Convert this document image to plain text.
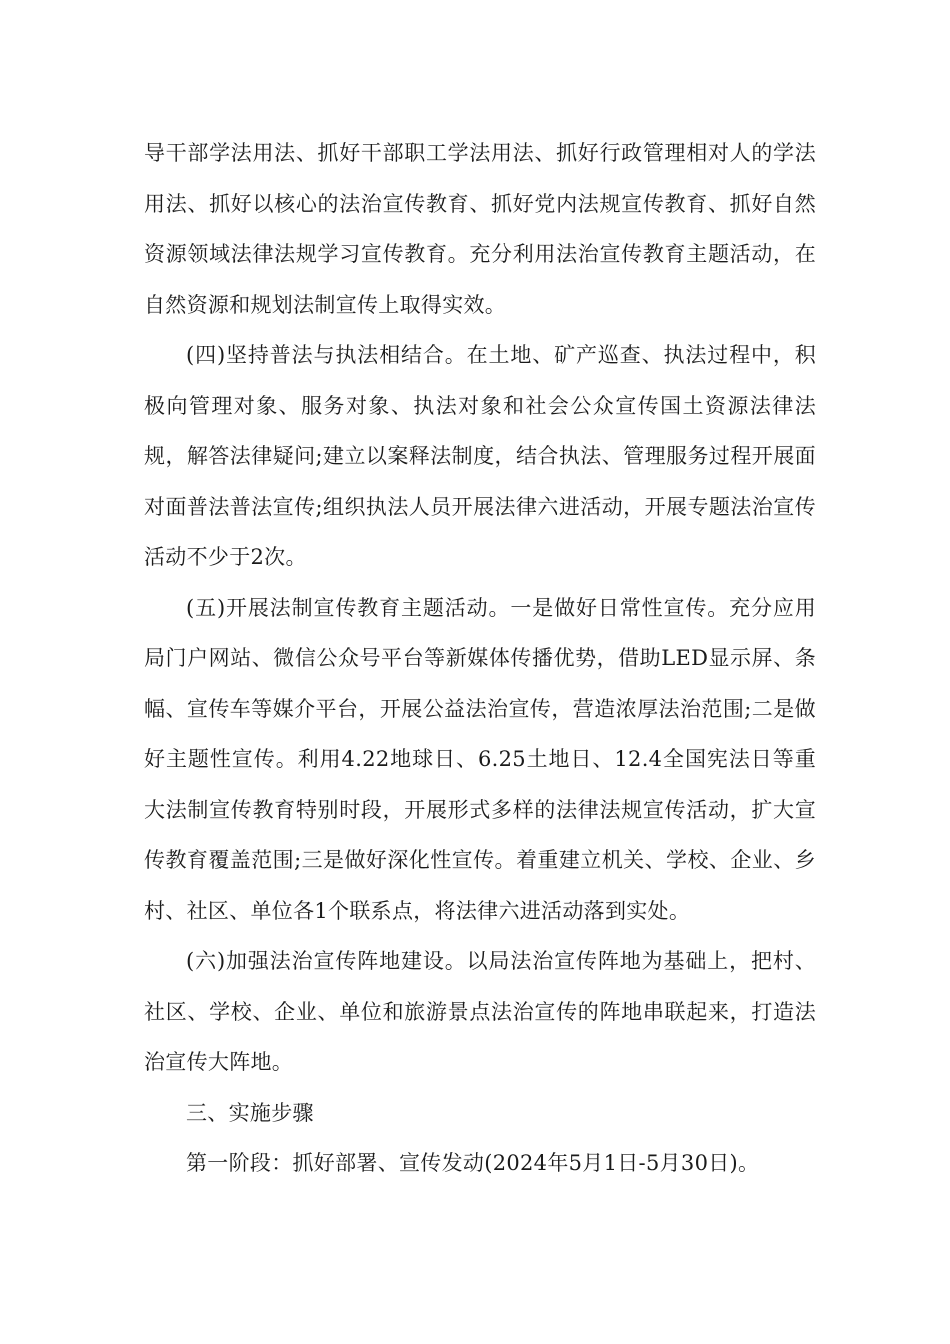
导干部学法用法、抓好干部职工学法用法、抓好行政管理相对人的学法用法、抓好以核心的法治宣传教育、抓好党内法规宣传教育、抓好自然资源领域法律法规学习宣传教育。充分利用法治宣传教育主题活动，在自然资源和规划法制宣传上取得实效。

(四)坚持普法与执法相结合。在土地、矿产巡查、执法过程中，积极向管理对象、服务对象、执法对象和社会公众宣传国土资源法律法规，解答法律疑问;建立以案释法制度，结合执法、管理服务过程开展面对面普法普法宣传;组织执法人员开展法律六进活动，开展专题法治宣传活动不少于2次。

(五)开展法制宣传教育主题活动。一是做好日常性宣传。充分应用局门户网站、微信公众号平台等新媒体传播优势，借助LED显示屏、条幅、宣传车等媒介平台，开展公益法治宣传，营造浓厚法治范围;二是做好主题性宣传。利用4.22地球日、6.25土地日、12.4全国宪法日等重大法制宣传教育特别时段，开展形式多样的法律法规宣传活动，扩大宣传教育覆盖范围;三是做好深化性宣传。着重建立机关、学校、企业、乡村、社区、单位各1个联系点，将法律六进活动落到实处。

(六)加强法治宣传阵地建设。以局法治宣传阵地为基础上，把村、社区、学校、企业、单位和旅游景点法治宣传的阵地串联起来，打造法治宣传大阵地。

三、实施步骤

第一阶段：抓好部署、宣传发动(2024年5月1日-5月30日)。
